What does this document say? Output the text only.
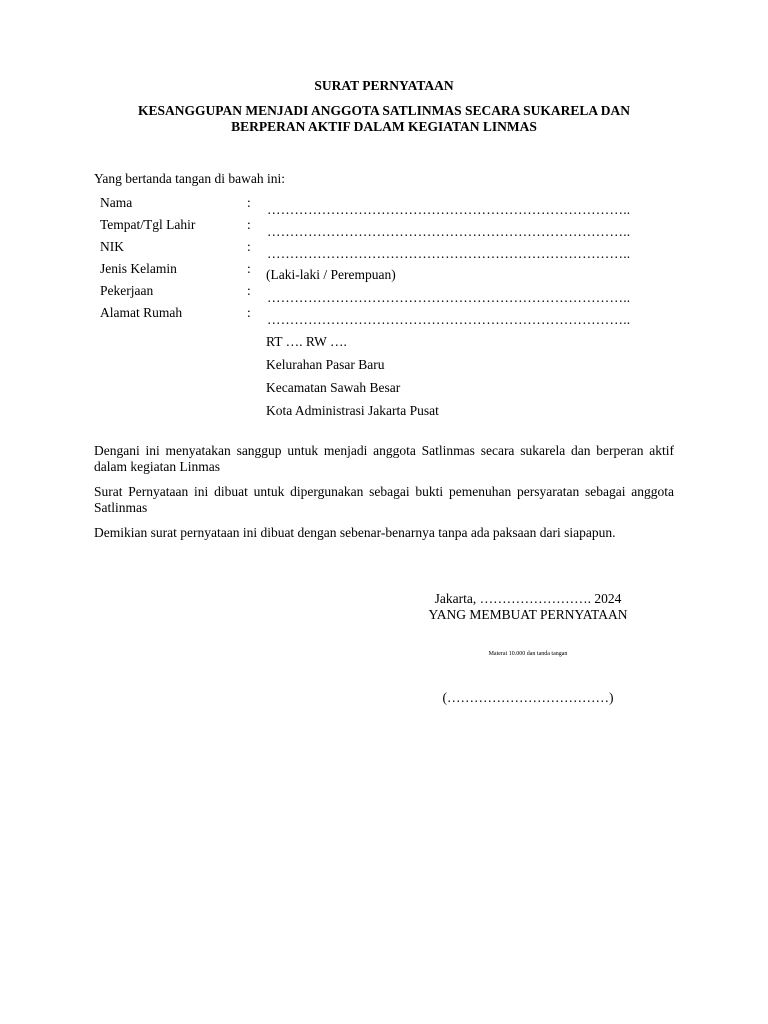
SURAT PERNYATAAN
KESANGGUPAN MENJADI ANGGOTA SATLINMAS SECARA SUKARELA DAN
BERPERAN AKTIF DALAM KEGIATAN LINMAS
Yang bertanda tangan di bawah ini:
Nama
Tempat/Tgl Lahir
NIK
Jenis Kelamin
Pekerjaan
Alamat Rumah
:
:
:
:
:
:
……………………………………………………………………..
……………………………………………………………………..
……………………………………………………………………..
(Laki-laki / Perempuan)
……………………………………………………………………..
……………………………………………………………………..
RT …. RW ….
Kelurahan Pasar Baru
Kecamatan Sawah Besar
Kota Administrasi Jakarta Pusat
Dengani ini menyatakan sanggup untuk menjadi anggota Satlinmas secara sukarela dan berperan aktif dalam kegiatan Linmas
Surat Pernyataan ini dibuat untuk dipergunakan sebagai bukti pemenuhan persyaratan sebagai anggota Satlinmas
Demikian surat pernyataan ini dibuat dengan sebenar-benarnya tanpa ada paksaan dari siapapun.
Jakarta, ……………………. 2024
YANG MEMBUAT PERNYATAAN
Materai 10.000 dan tanda tangan
(………………………………)
